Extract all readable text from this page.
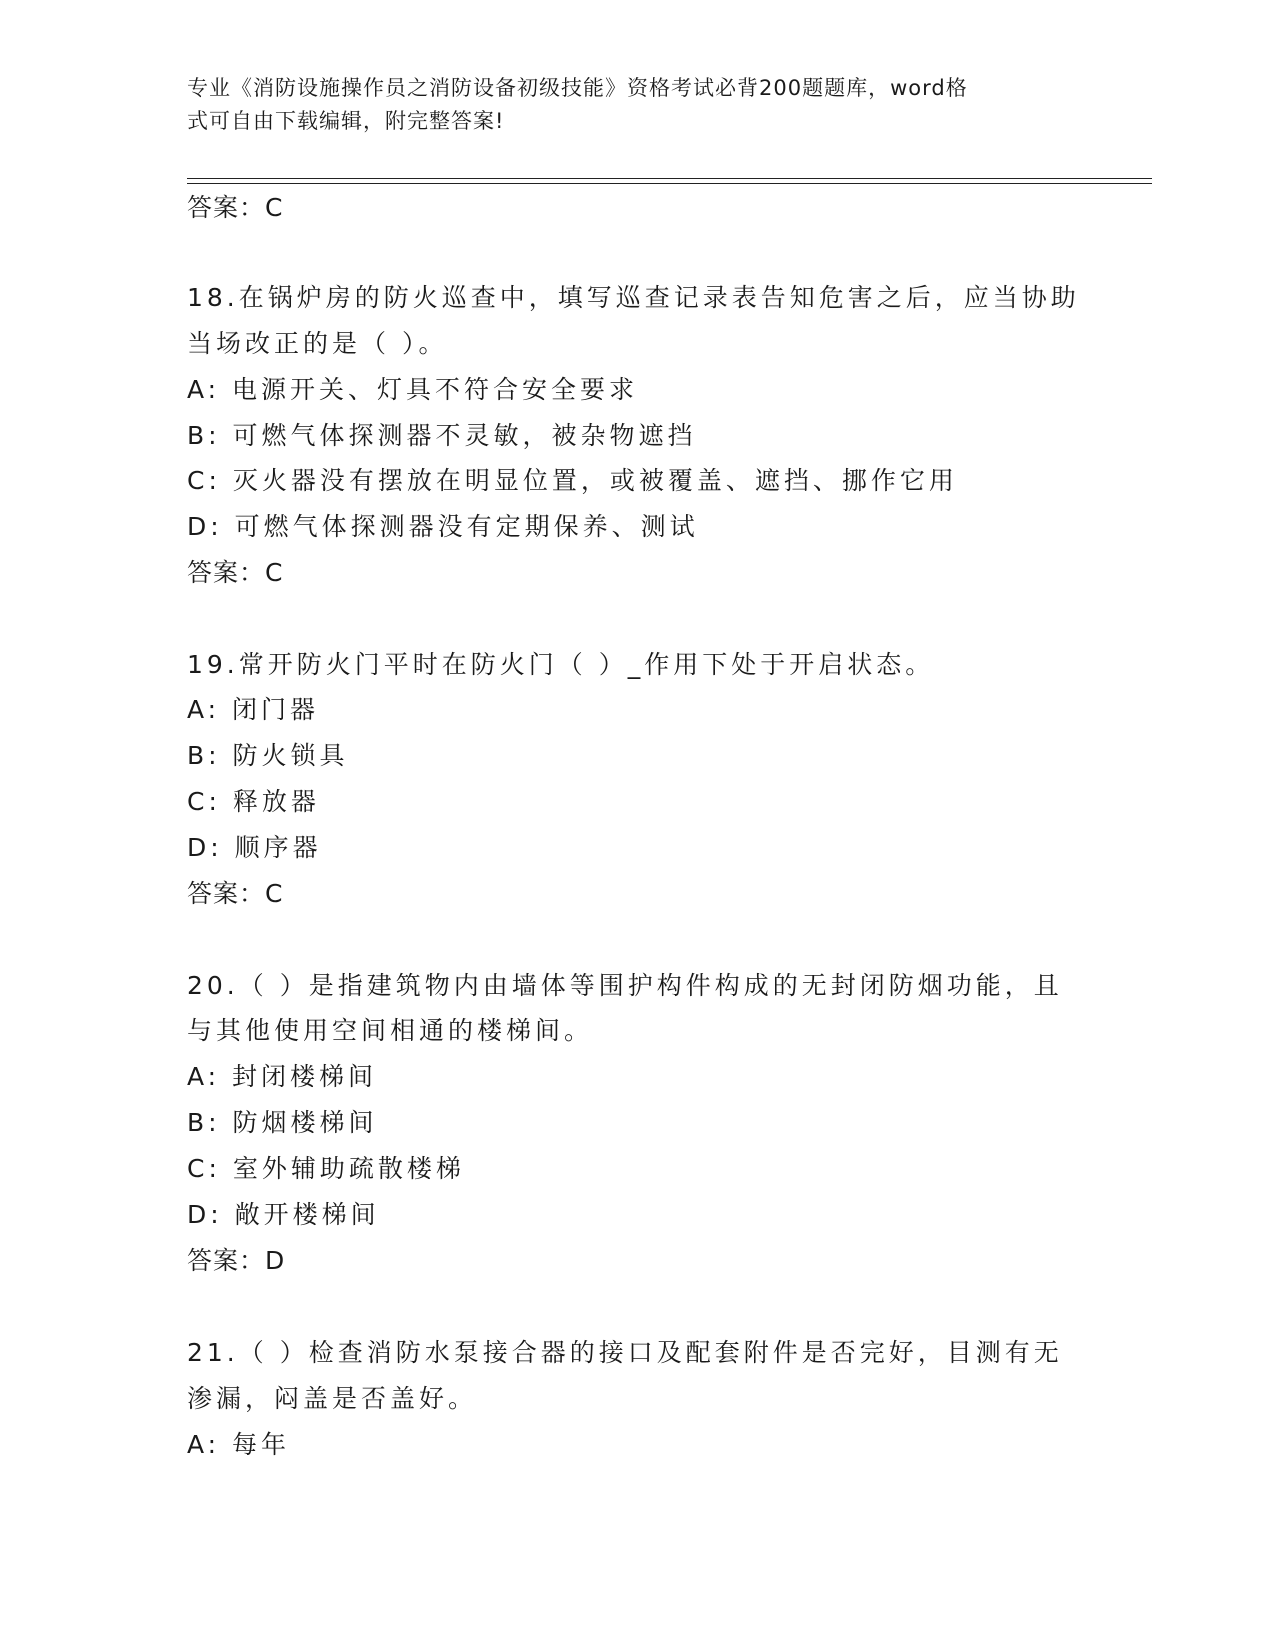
专业《消防设施操作员之消防设备初级技能》资格考试必背200题题库，word格
式可自由下载编辑，附完整答案!
答案：C
18.在锅炉房的防火巡查中，填写巡查记录表告知危害之后，应当协助
当场改正的是（ ）。
A: 电源开关、灯具不符合安全要求
B: 可燃气体探测器不灵敏，被杂物遮挡
C: 灭火器没有摆放在明显位置，或被覆盖、遮挡、挪作它用
D: 可燃气体探测器没有定期保养、测试
答案：C
19.常开防火门平时在防火门（ ）_作用下处于开启状态。
A: 闭门器
B: 防火锁具
C: 释放器
D: 顺序器
答案：C
20.（ ）是指建筑物内由墙体等围护构件构成的无封闭防烟功能，且
与其他使用空间相通的楼梯间。
A: 封闭楼梯间
B: 防烟楼梯间
C: 室外辅助疏散楼梯
D: 敞开楼梯间
答案：D
21.（ ）检查消防水泵接合器的接口及配套附件是否完好，目测有无
渗漏，闷盖是否盖好。
A: 每年
